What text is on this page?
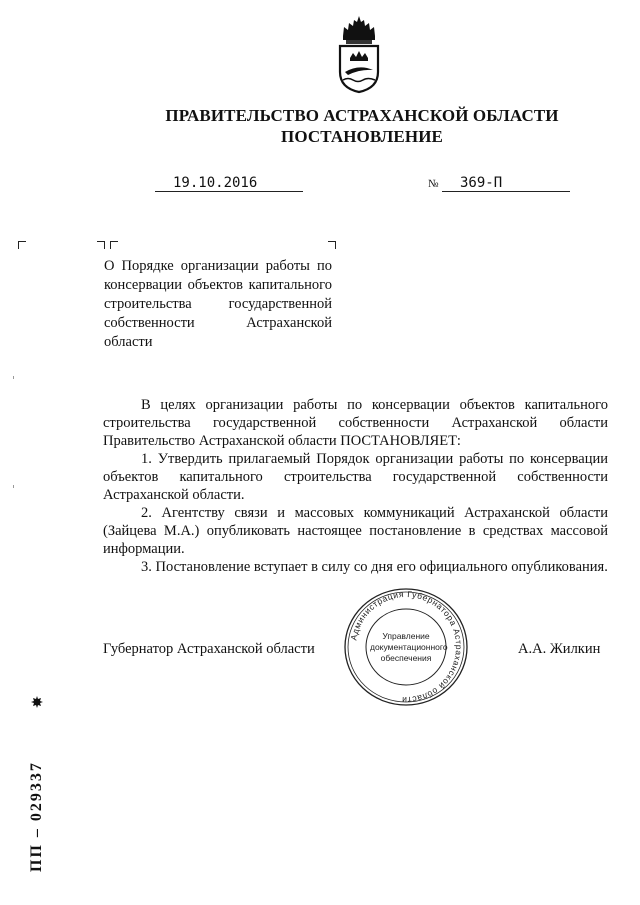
ПРАВИТЕЛЬСТВО АСТРАХАНСКОЙ ОБЛАСТИ
ПОСТАНОВЛЕНИЕ
19.10.2016	№	369-П
О Порядке организации работы по консервации объектов капитального строительства государственной собственности Астраханской области

В целях организации работы по консервации объектов капитального строительства государственной собственности Астраханской области Правительство Астраханской области ПОСТАНОВЛЯЕТ:

1. Утвердить прилагаемый Порядок организации работы по консервации объектов капитального строительства государственной собственности Астраханской области.

2. Агентству связи и массовых коммуникаций Астраханской области (Зайцева М.А.) опубликовать настоящее постановление в средствах массовой информации.

3. Постановление вступает в силу со дня его официального опубликования.

Губернатор Астраханской области	А.А. Жилкин
Администрация Губернатора Астраханской области
Управление
документационного
обеспечения
ПП – 029337
